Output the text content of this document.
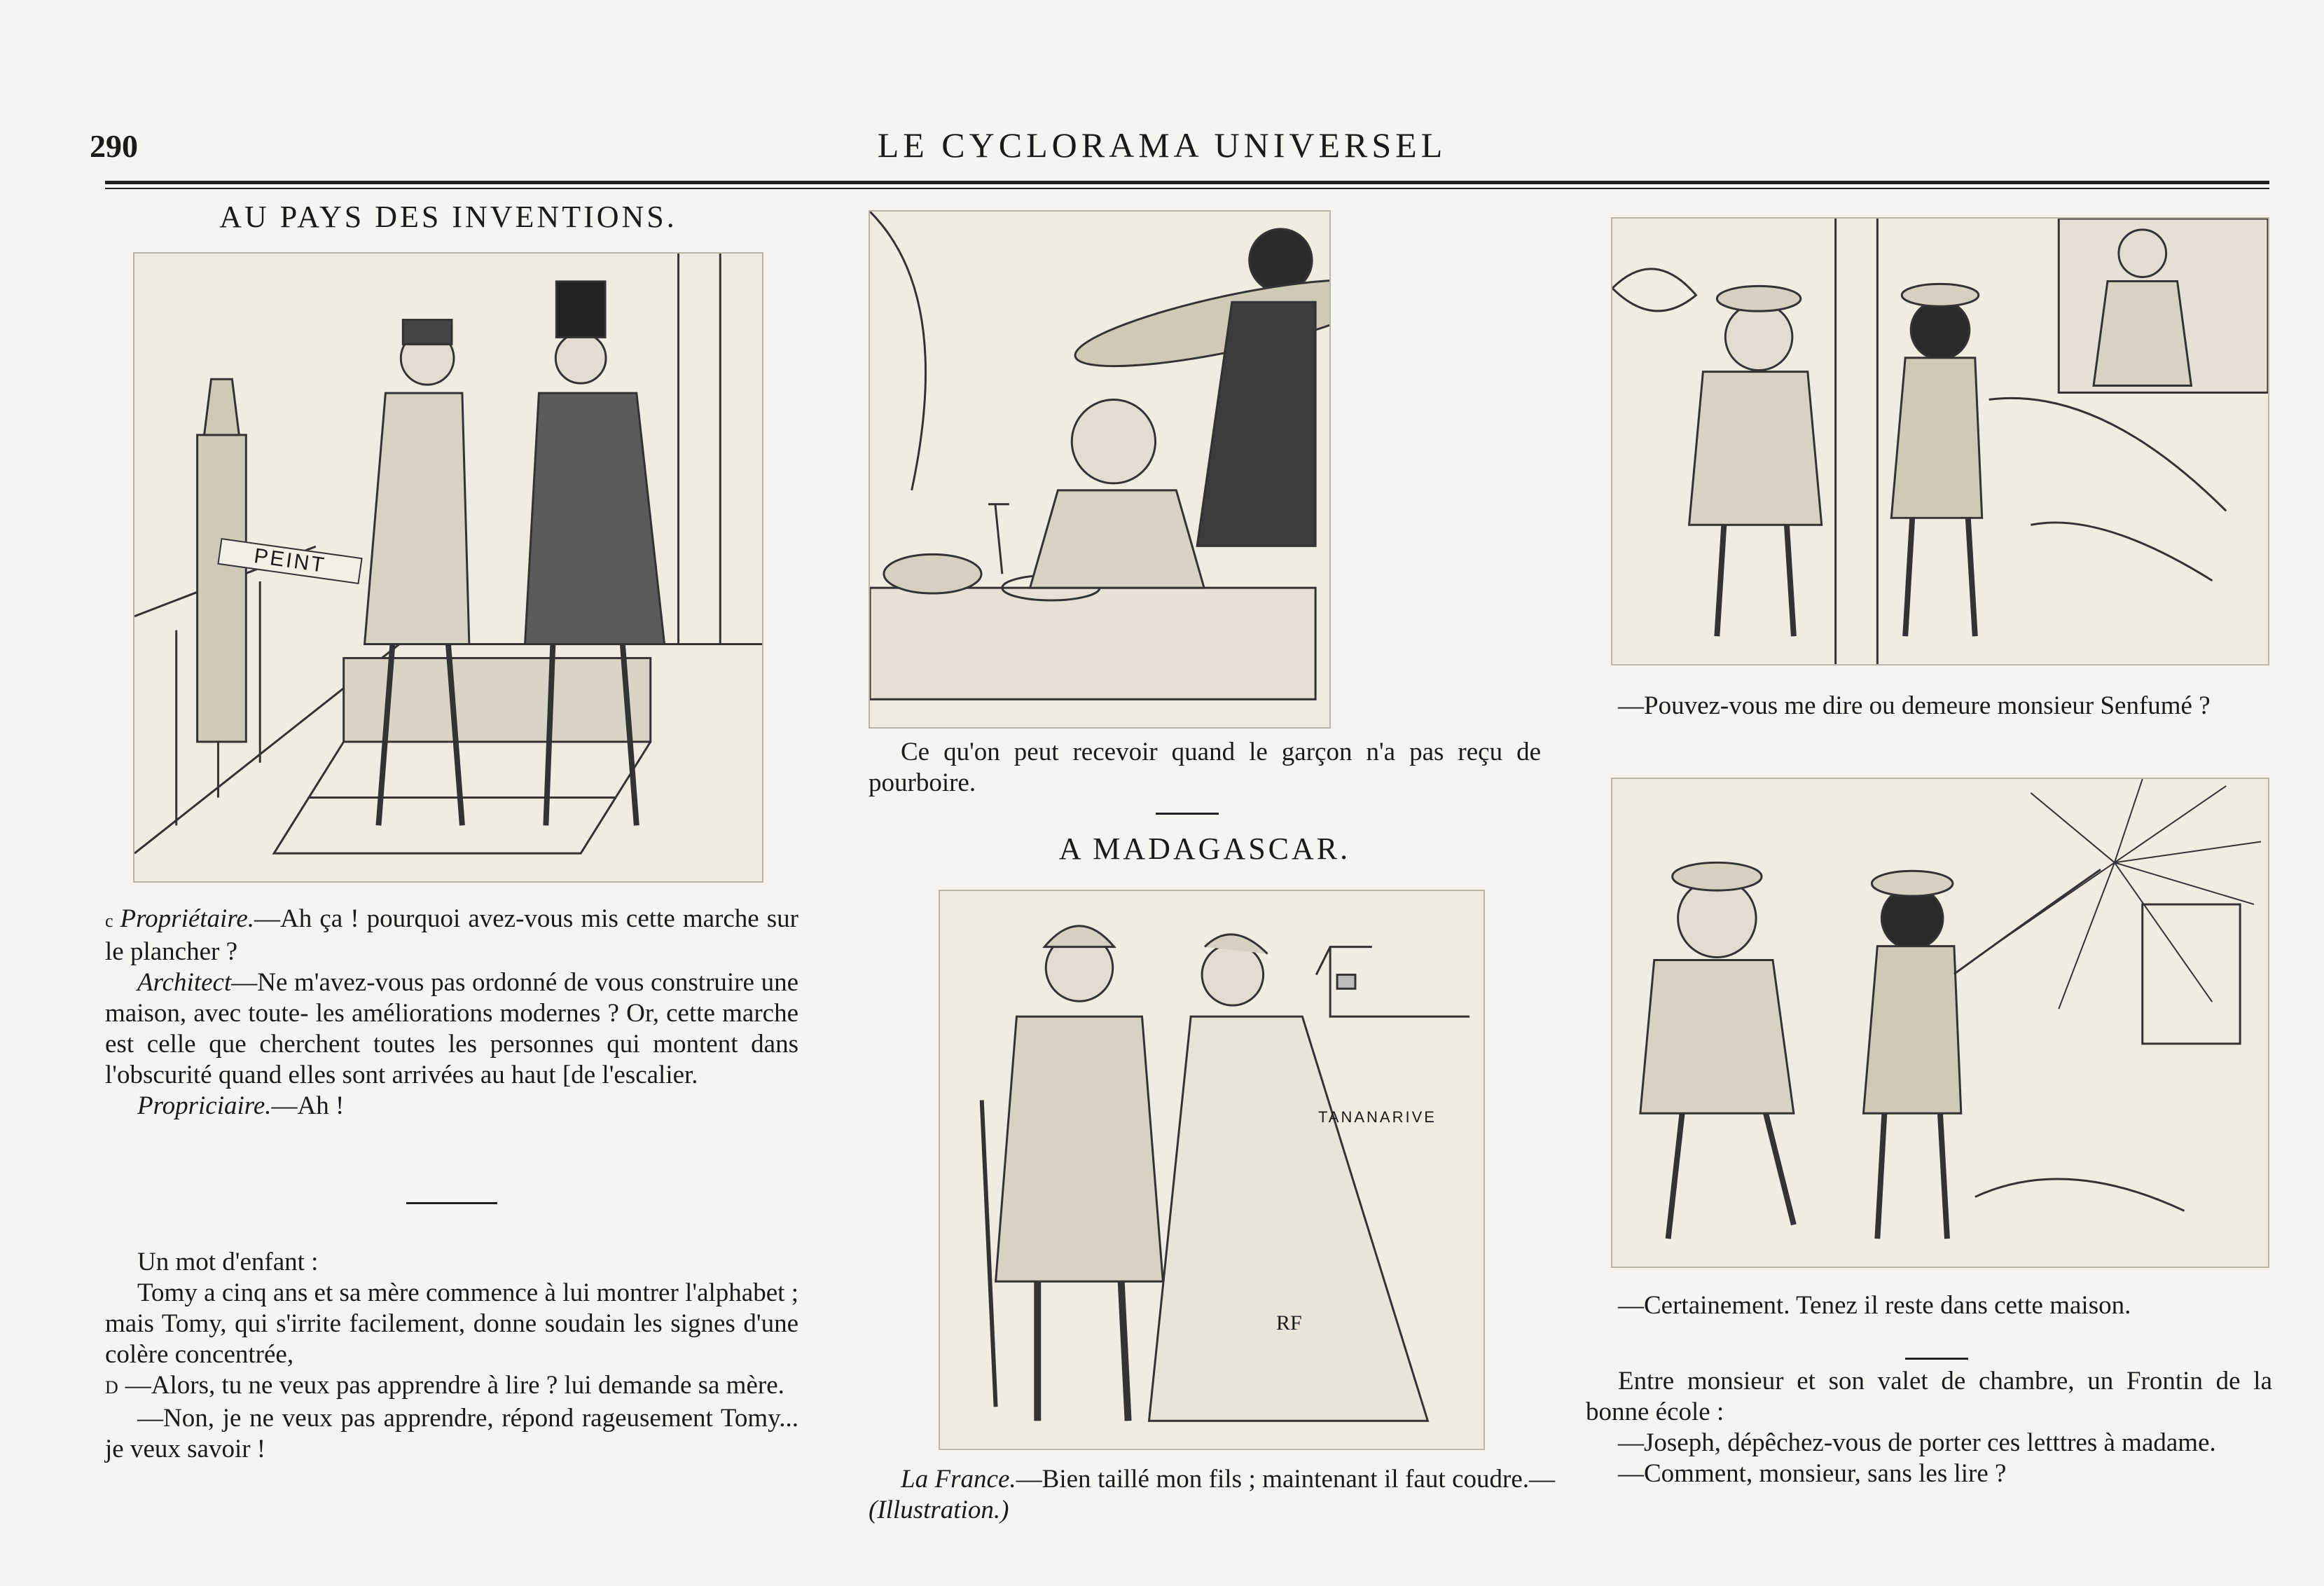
290	LE CYCLORAMA UNIVERSEL
AU PAYS DES INVENTIONS.
PEINT

c Propriétaire.—Ah ça ! pourquoi avez-vous mis cette marche sur le plancher ?

Architect—Ne m'avez-vous pas ordonné de vous construire une maison, avec toute- les améliorations modernes ? Or, cette marche est celle que cherchent toutes les personnes qui montent dans l'obscurité quand elles sont arrivées au haut [de l'escalier.

Propriciaire.—Ah !

Un mot d'enfant :

Tomy a cinq ans et sa mère commence à lui montrer l'alphabet ; mais Tomy, qui s'irrite facilement, donne soudain les signes d'une colère concentrée,

D —Alors, tu ne veux pas apprendre à lire ? lui demande sa mère.

—Non, je ne veux pas apprendre, répond rageusement Tomy... je veux savoir !

Ce qu'on peut recevoir quand le garçon n'a pas reçu de pourboire.

A MADAGASCAR.
TANANARIVE
RF

La France.—Bien taillé mon fils ; maintenant il faut coudre.—(Illustration.)

—Pouvez-vous me dire ou demeure monsieur Senfumé ?

—Certainement. Tenez il reste dans cette maison.

Entre monsieur et son valet de chambre, un Frontin de la bonne école :

—Joseph, dépêchez-vous de porter ces letttres à madame.

—Comment, monsieur, sans les lire ?
